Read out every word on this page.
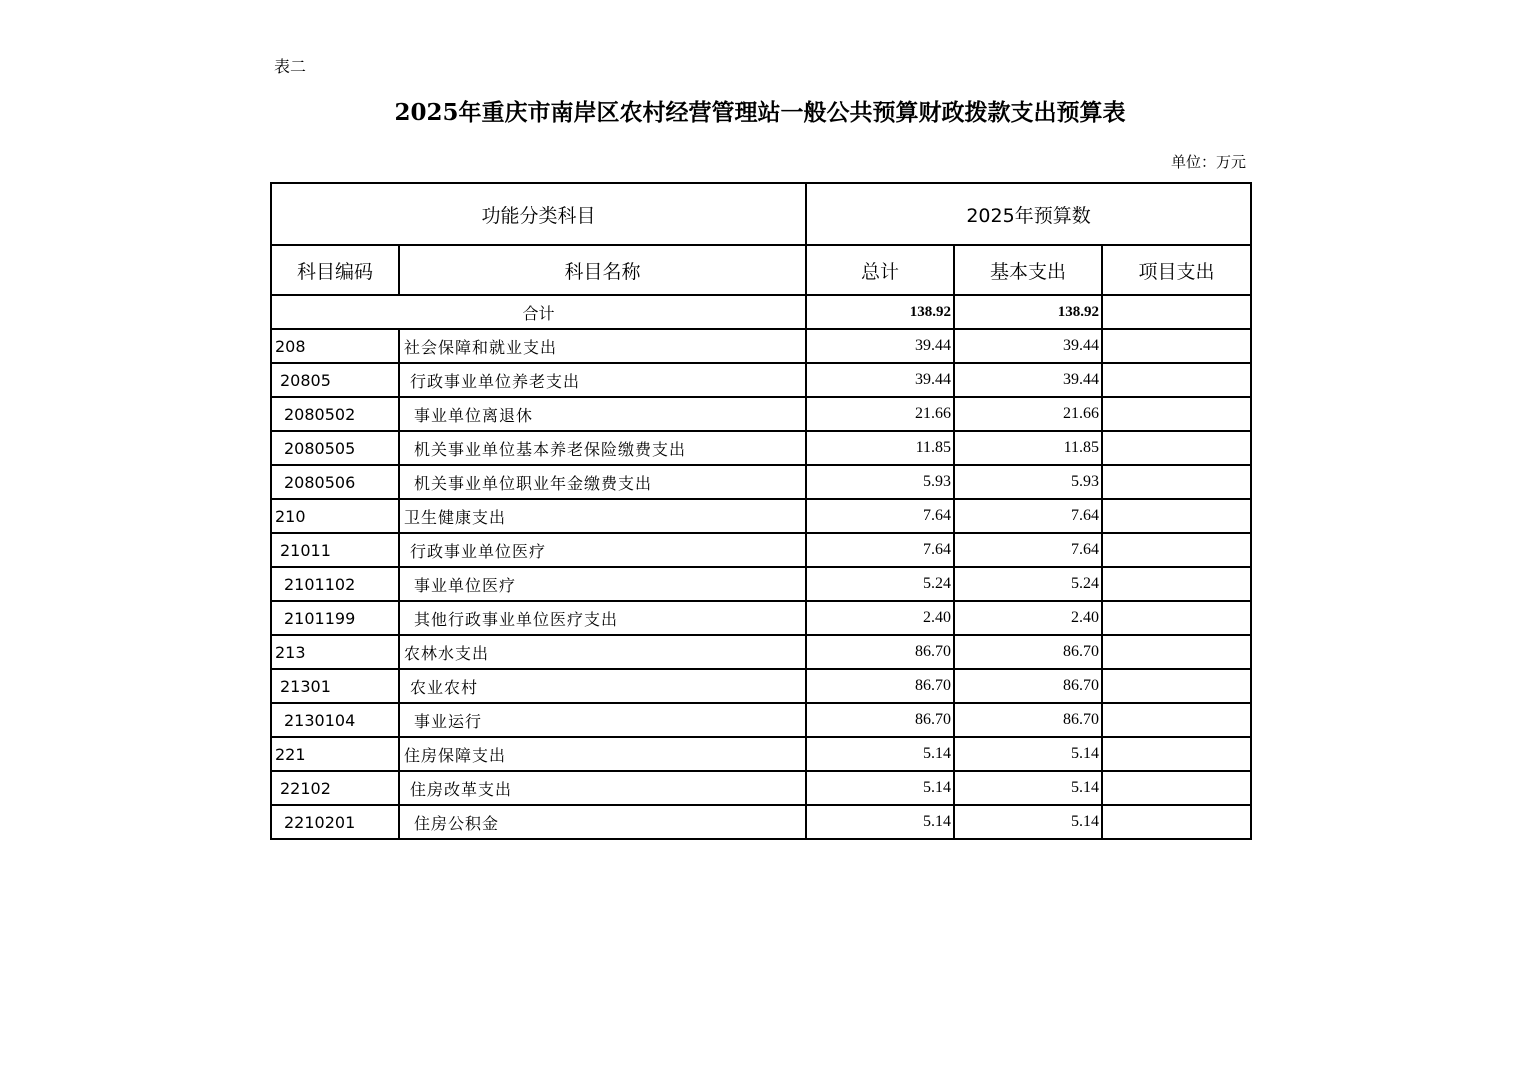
表二
2025年重庆市南岸区农村经营管理站一般公共预算财政拨款支出预算表
单位：万元
功能分类科目		2025年预算数		
科目编码	科目名称	总计	基本支出	项目支出
合计		138.92	138.92	
208	社会保障和就业支出	39.44	39.44	
20805	行政事业单位养老支出	39.44	39.44	
2080502	事业单位离退休	21.66	21.66	
2080505	机关事业单位基本养老保险缴费支出	11.85	11.85	
2080506	机关事业单位职业年金缴费支出	5.93	5.93	
210	卫生健康支出	7.64	7.64	
21011	行政事业单位医疗	7.64	7.64	
2101102	事业单位医疗	5.24	5.24	
2101199	其他行政事业单位医疗支出	2.40	2.40	
213	农林水支出	86.70	86.70	
21301	农业农村	86.70	86.70	
2130104	事业运行	86.70	86.70	
221	住房保障支出	5.14	5.14	
22102	住房改革支出	5.14	5.14	
2210201	住房公积金	5.14	5.14	
